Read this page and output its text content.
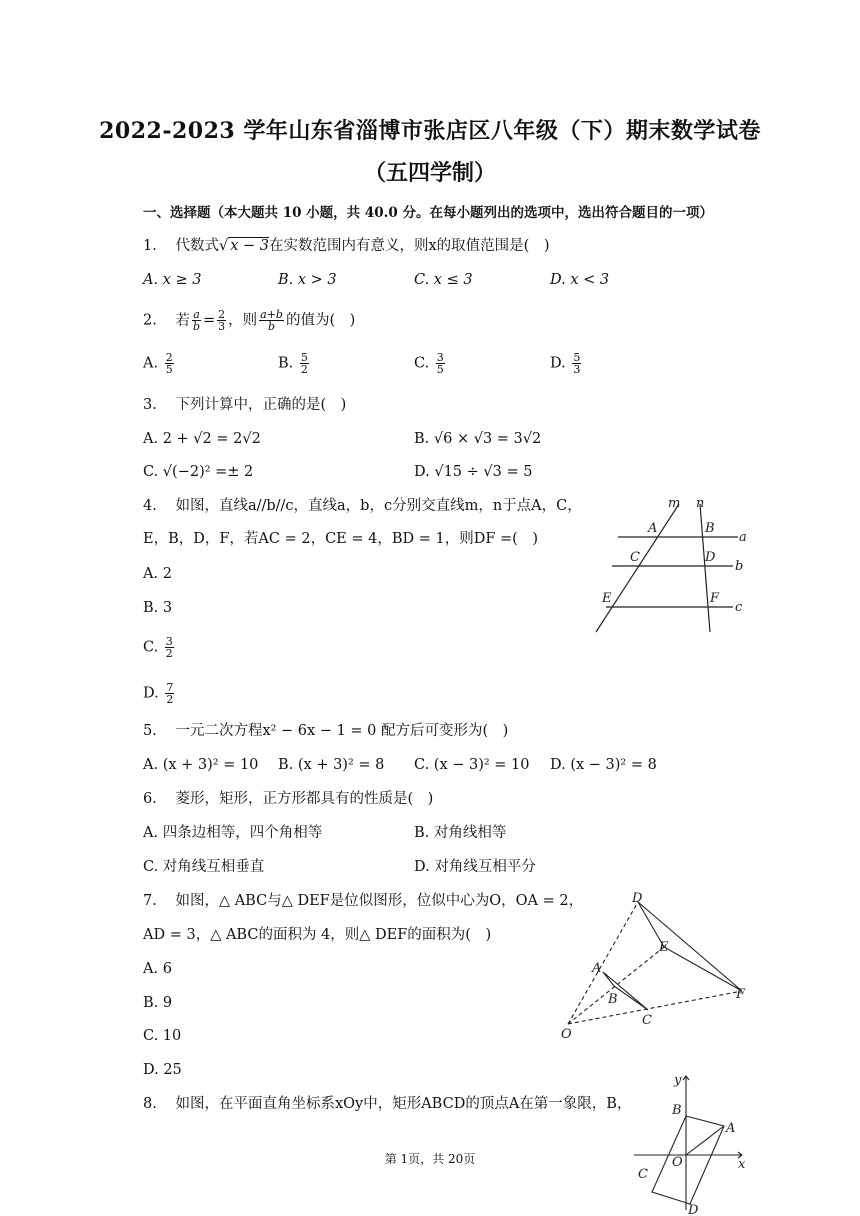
2022-2023 学年山东省淄博市张店区八年级（下）期末数学试卷
（五四学制）
一、选择题（本大题共 10 小题，共 40.0 分。在每小题列出的选项中，选出符合题目的一项）
1. 代数式√ x − 3在实数范围内有意义，则x的取值范围是(　)
A. x ≥ 3	B. x > 3	C. x ≤ 3	D. x < 3
2. 若 $\frac{a}{b} = \frac{2}{3}$ ，则 $\frac{a+b}{b}$ 的值为(　)
A. $\frac{2}{5}$	B. $\frac{5}{2}$	C. $\frac{3}{5}$	D. $\frac{5}{3}$
3. 下列计算中，正确的是(　)
A. 2 + √2 = 2√2	B. √6 × √3 = 3√2
C. √(−2)² =± 2	D. √15 ÷ √3 = 5
4. 如图，直线a//b//c，直线a，b，c分别交直线m，n于点A，C，
E，B，D，F，若AC = 2，CE = 4，BD = 1，则DF =(　)
A. 2
B. 3
C. $\frac{3}{2}$
D. $\frac{7}{2}$
m n
A	B
C	D
E	F
a
b
c
5. 一元二次方程x² − 6x − 1 = 0 配方后可变形为(　)
A. (x + 3)² = 10 B. (x + 3)² = 8 C. (x − 3)² = 10 D. (x − 3)² = 8
6. 菱形，矩形，正方形都具有的性质是(　)
A. 四条边相等，四个角相等	B. 对角线相等
C. 对角线互相垂直	D. 对角线互相平分
7. 如图，△ ABC与△ DEF是位似图形，位似中心为O，OA = 2，
AD = 3，△ ABC的面积为 4，则△ DEF的面积为(　)
A. 6
B. 9
C. 10
D. 25
D
E
A
B
C
F
O
8. 如图，在平面直角坐标系xOy中，矩形ABCD的顶点A在第一象限，B，
y
x
O
A
B
C
D
第 1页，共 20页
